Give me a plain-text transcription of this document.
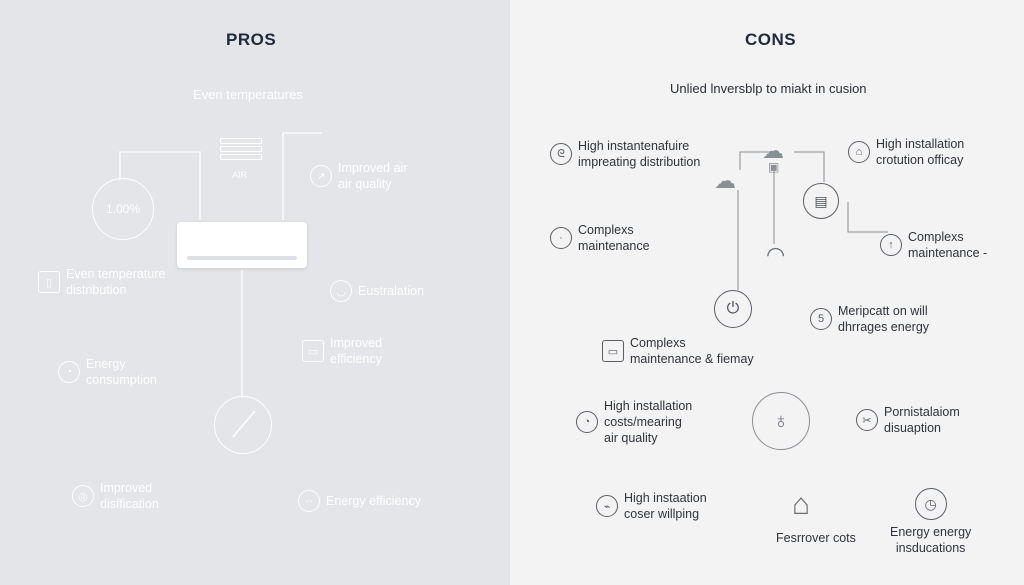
PROS
Even temperatures
AIR
1.00%
↗
Improved air
air quality
▯
Even temperature
distribution	◡ Eustralation
▭
Improved
efficiency
◔
Energy
consumption
◎
Improved
disffication	⇔ Energy efficiency
CONS
Unlied lnversblp to miakt in cusion
☁
☁
▣
▤
◠
⏻
♁
⌂
ᘓ
High instantenafuire
impreating distribution
⌂
High installation
crotution officay
·
Complexs
maintenance	↑
Complexs
maintenance -
5
Meripcatt on will
dhrrages energy
▭
Complexs
maintenance & fiemay
◔
High installation
costs/mearing
air quality
✂
Pornistalaiom
disuaption
⌁
High instaation
coser willping
Fesrrover cots
◷
Energy energy
insducations
